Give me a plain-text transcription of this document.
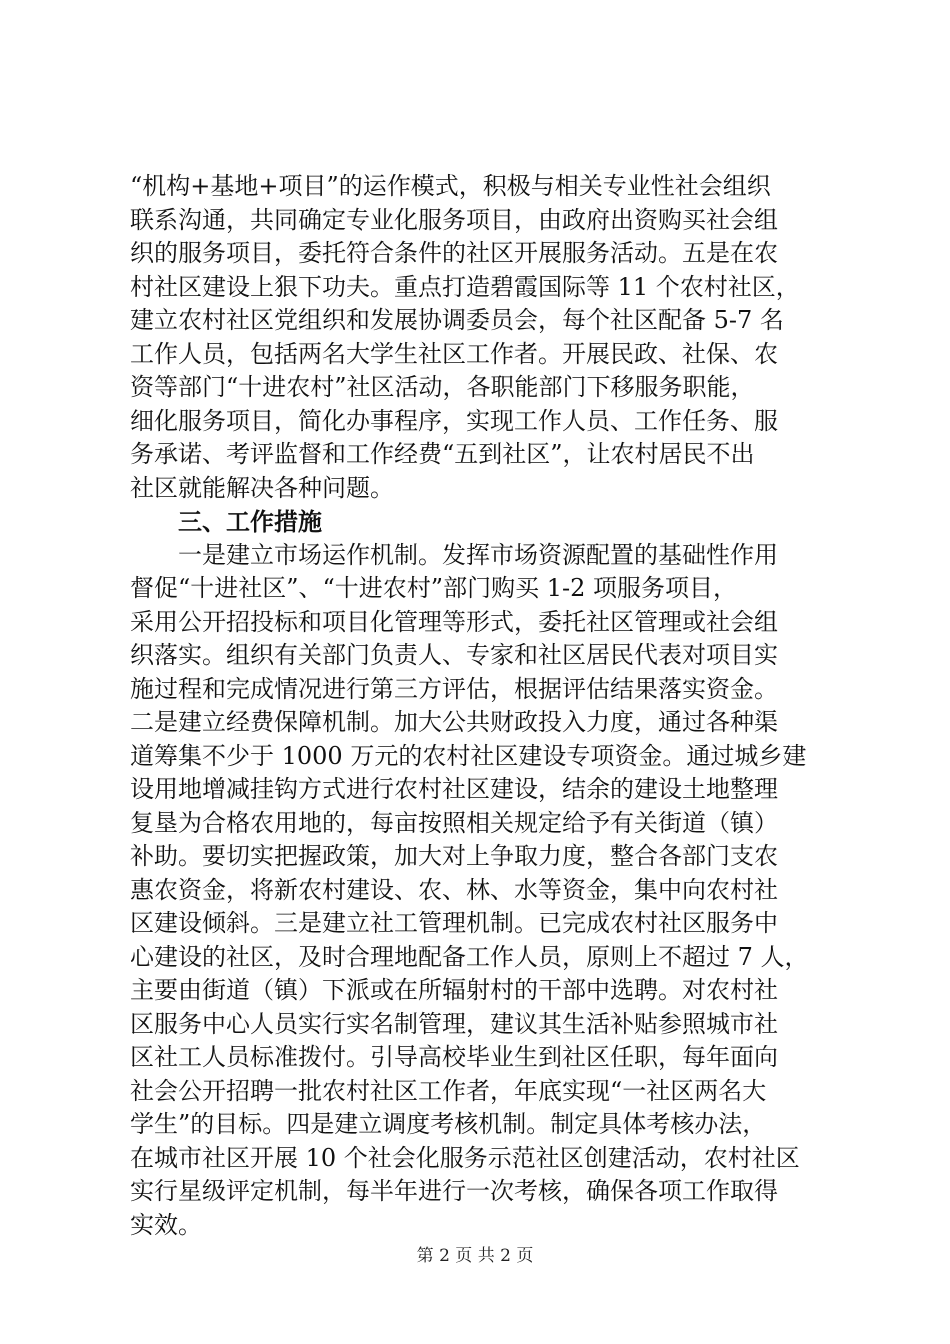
“机构+基地+项目”的运作模式，积极与相关专业性社会组织
联系沟通，共同确定专业化服务项目，由政府出资购买社会组
织的服务项目，委托符合条件的社区开展服务活动。五是在农
村社区建设上狠下功夫。重点打造碧霞国际等 11 个农村社区，
建立农村社区党组织和发展协调委员会，每个社区配备 5-7 名
工作人员，包括两名大学生社区工作者。开展民政、社保、农
资等部门“十进农村”社区活动，各职能部门下移服务职能，
细化服务项目，简化办事程序，实现工作人员、工作任务、服
务承诺、考评监督和工作经费“五到社区”，让农村居民不出
社区就能解决各种问题。
三、工作措施
　　一是建立市场运作机制。发挥市场资源配置的基础性作用
督促“十进社区”、“十进农村”部门购买 1-2 项服务项目，
采用公开招投标和项目化管理等形式，委托社区管理或社会组
织落实。组织有关部门负责人、专家和社区居民代表对项目实
施过程和完成情况进行第三方评估，根据评估结果落实资金。
二是建立经费保障机制。加大公共财政投入力度，通过各种渠
道筹集不少于 1000 万元的农村社区建设专项资金。通过城乡建
设用地增减挂钩方式进行农村社区建设，结余的建设土地整理
复垦为合格农用地的，每亩按照相关规定给予有关街道（镇）
补助。要切实把握政策，加大对上争取力度，整合各部门支农
惠农资金，将新农村建设、农、林、水等资金，集中向农村社
区建设倾斜。三是建立社工管理机制。已完成农村社区服务中
心建设的社区，及时合理地配备工作人员，原则上不超过 7 人，
主要由街道（镇）下派或在所辐射村的干部中选聘。对农村社
区服务中心人员实行实名制管理，建议其生活补贴参照城市社
区社工人员标准拨付。引导高校毕业生到社区任职，每年面向
社会公开招聘一批农村社区工作者，年底实现“一社区两名大
学生”的目标。四是建立调度考核机制。制定具体考核办法，
在城市社区开展 10 个社会化服务示范社区创建活动，农村社区
实行星级评定机制，每半年进行一次考核，确保各项工作取得
实效。
第 2 页 共 2 页
